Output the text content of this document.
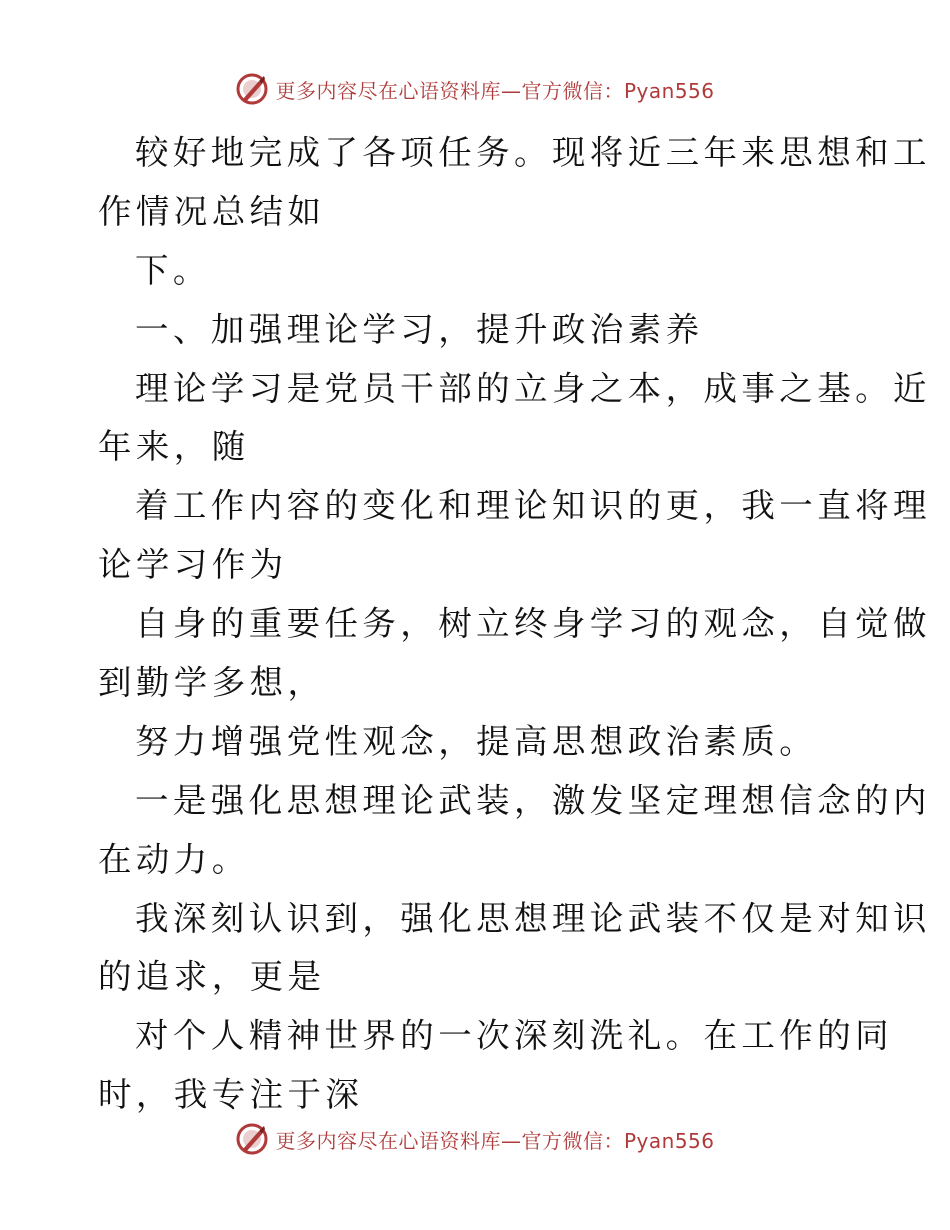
更多内容尽在心语资料库—官方微信：Pyan556
较好地完成了各项任务。现将近三年来思想和工
作情况总结如
下。
一、加强理论学习，提升政治素养
理论学习是党员干部的立身之本，成事之基。近
年来，随
着工作内容的变化和理论知识的更，我一直将理
论学习作为
自身的重要任务，树立终身学习的观念，自觉做
到勤学多想，
努力增强党性观念，提高思想政治素质。
一是强化思想理论武装，激发坚定理想信念的内
在动力。
我深刻认识到，强化思想理论武装不仅是对知识
的追求，更是
对个人精神世界的一次深刻洗礼。在工作的同
时，我专注于深
更多内容尽在心语资料库—官方微信：Pyan556
